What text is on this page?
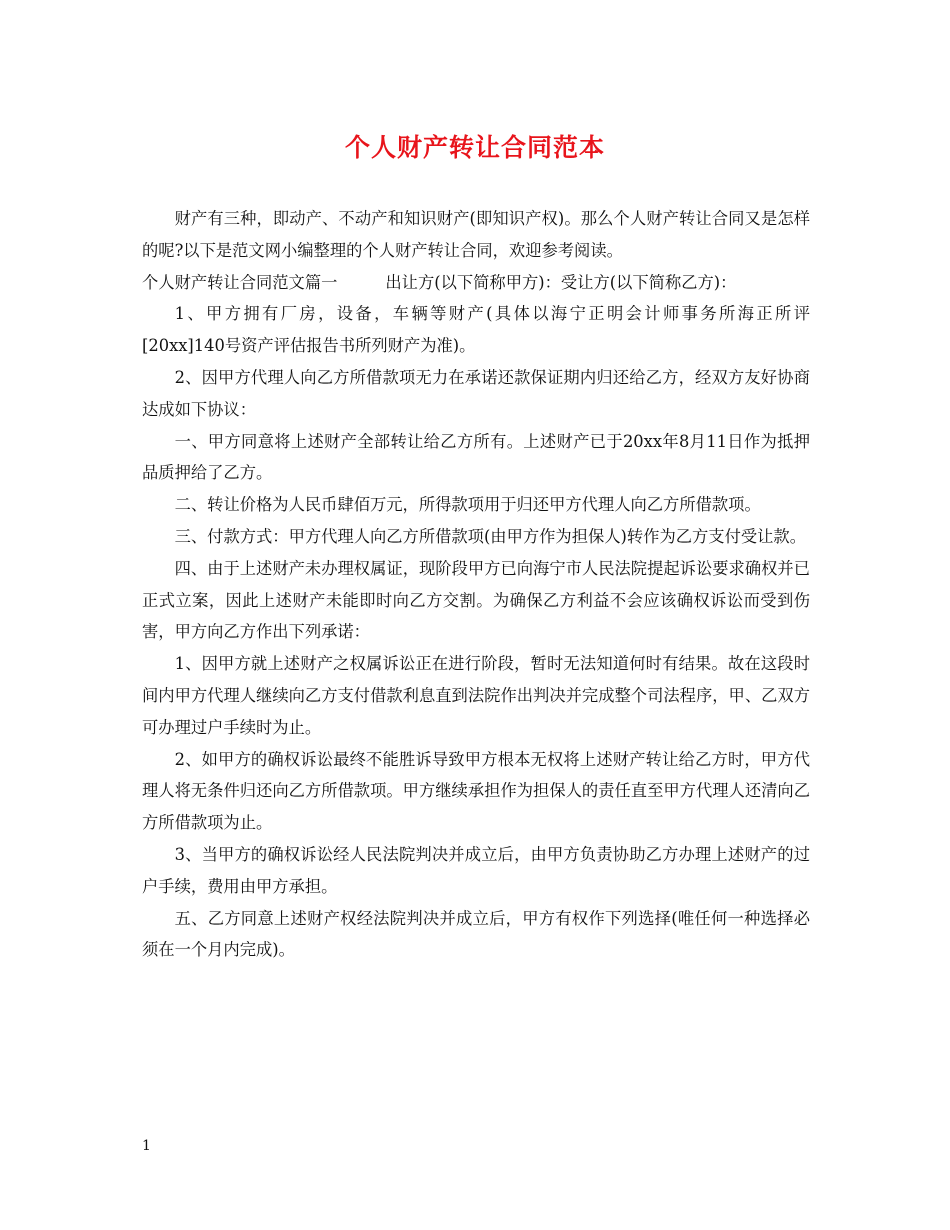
个人财产转让合同范本

财产有三种，即动产、不动产和知识财产(即知识产权)。那么个人财产转让合同又是怎样的呢?以下是范文网小编整理的个人财产转让合同，欢迎参考阅读。

个人财产转让合同范文篇一	出让方(以下简称甲方)：受让方(以下简称乙方)：

1、甲方拥有厂房，设备，车辆等财产(具体以海宁正明会计师事务所海正所评[20xx]140号资产评估报告书所列财产为准)。

2、因甲方代理人向乙方所借款项无力在承诺还款保证期内归还给乙方，经双方友好协商达成如下协议：

一、甲方同意将上述财产全部转让给乙方所有。上述财产已于20xx年8月11日作为抵押品质押给了乙方。

二、转让价格为人民币肆佰万元，所得款项用于归还甲方代理人向乙方所借款项。

三、付款方式：甲方代理人向乙方所借款项(由甲方作为担保人)转作为乙方支付受让款。

四、由于上述财产未办理权属证，现阶段甲方已向海宁市人民法院提起诉讼要求确权并已正式立案，因此上述财产未能即时向乙方交割。为确保乙方利益不会应该确权诉讼而受到伤害，甲方向乙方作出下列承诺：

1、因甲方就上述财产之权属诉讼正在进行阶段，暂时无法知道何时有结果。故在这段时间内甲方代理人继续向乙方支付借款利息直到法院作出判决并完成整个司法程序，甲、乙双方可办理过户手续时为止。

2、如甲方的确权诉讼最终不能胜诉导致甲方根本无权将上述财产转让给乙方时，甲方代理人将无条件归还向乙方所借款项。甲方继续承担作为担保人的责任直至甲方代理人还清向乙方所借款项为止。

3、当甲方的确权诉讼经人民法院判决并成立后，由甲方负责协助乙方办理上述财产的过户手续，费用由甲方承担。

五、乙方同意上述财产权经法院判决并成立后，甲方有权作下列选择(唯任何一种选择必须在一个月内完成)。

1
